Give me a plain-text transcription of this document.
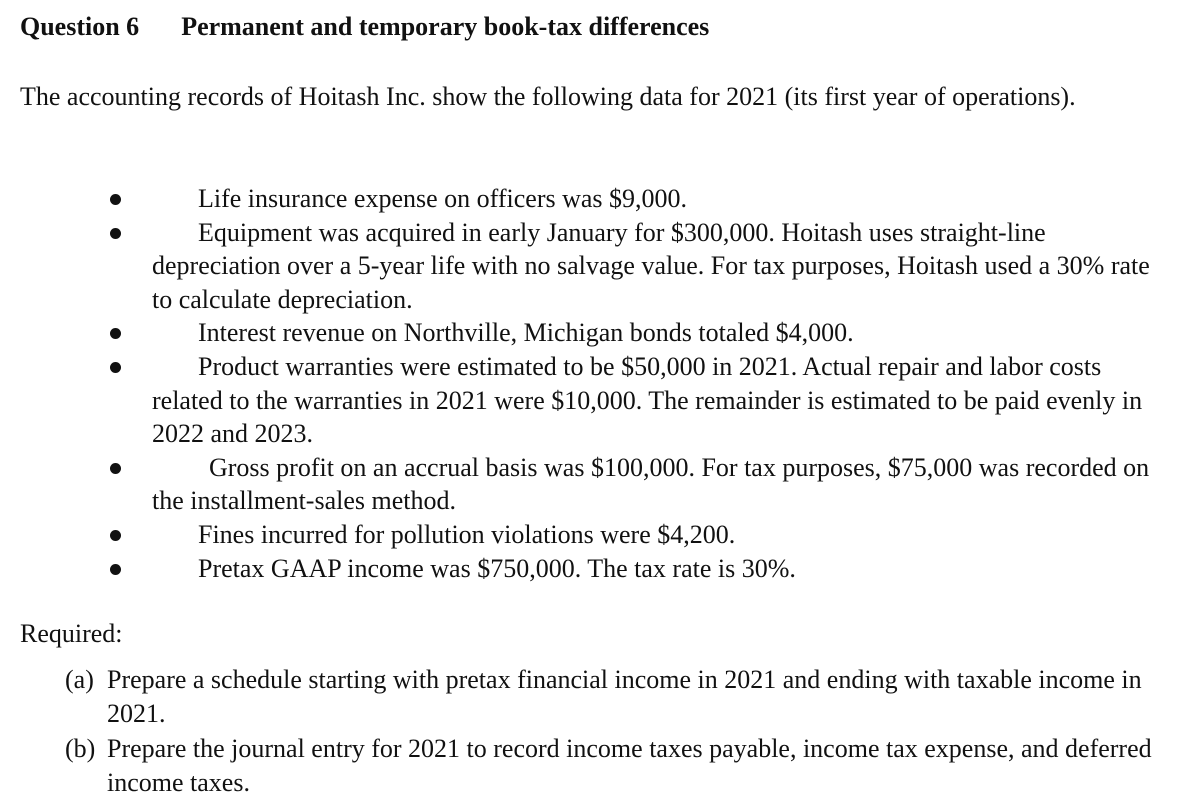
Question 6 Permanent and temporary book-tax differences
The accounting records of Hoitash Inc. show the following data for 2021 (its first year of operations).
Life insurance expense on officers was $9,000.
Equipment was acquired in early January for $300,000. Hoitash uses straight-line depreciation over a 5-year life with no salvage value. For tax purposes, Hoitash used a 30% rate to calculate depreciation.
Interest revenue on Northville, Michigan bonds totaled $4,000.
Product warranties were estimated to be $50,000 in 2021. Actual repair and labor costs related to the warranties in 2021 were $10,000. The remainder is estimated to be paid evenly in 2022 and 2023.
Gross profit on an accrual basis was $100,000. For tax purposes, $75,000 was recorded on the installment-sales method.
Fines incurred for pollution violations were $4,200.
Pretax GAAP income was $750,000. The tax rate is 30%.
Required:
(a) Prepare a schedule starting with pretax financial income in 2021 and ending with taxable income in 2021.
(b) Prepare the journal entry for 2021 to record income taxes payable, income tax expense, and deferred income taxes.
